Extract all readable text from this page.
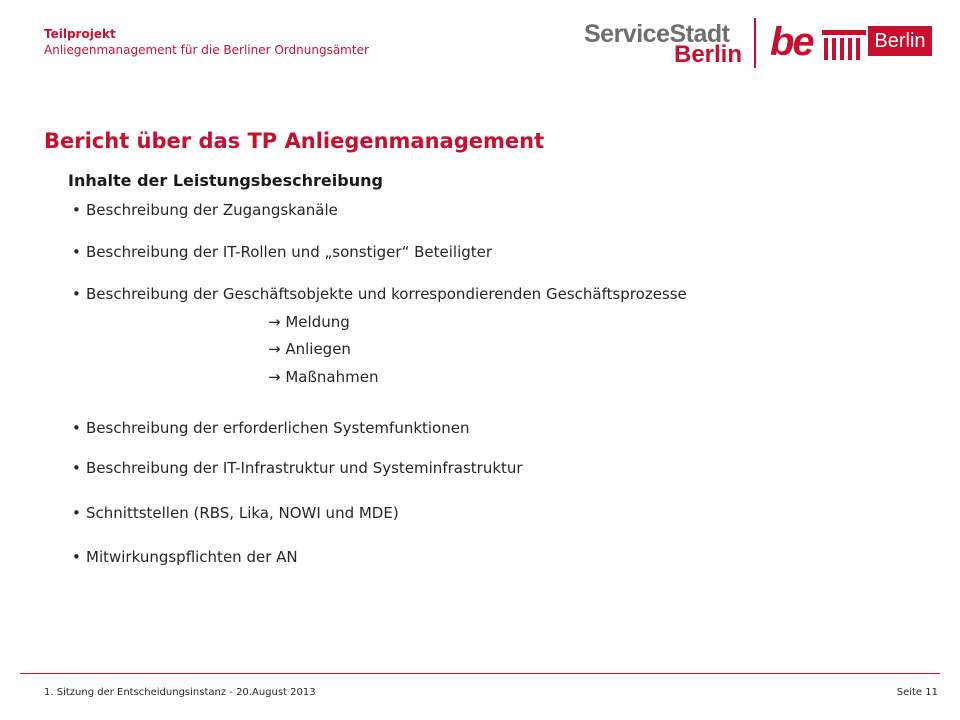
Teilprojekt
Anliegenmanagement für die Berliner Ordnungsämter
ServiceStadt
Berlin be	Berlin
Bericht über das TP Anliegenmanagement
Inhalte der Leistungsbeschreibung
• Beschreibung der Zugangskanäle
• Beschreibung der IT-Rollen und „sonstiger“ Beteiligter
• Beschreibung der Geschäftsobjekte und korrespondierenden Geschäftsprozesse
→ Meldung
→ Anliegen
→ Maßnahmen
• Beschreibung der erforderlichen Systemfunktionen
• Beschreibung der IT-Infrastruktur und Systeminfrastruktur
• Schnittstellen (RBS, Lika, NOWI und MDE)
• Mitwirkungspflichten der AN
1. Sitzung der Entscheidungsinstanz - 20.August 2013	Seite 11
